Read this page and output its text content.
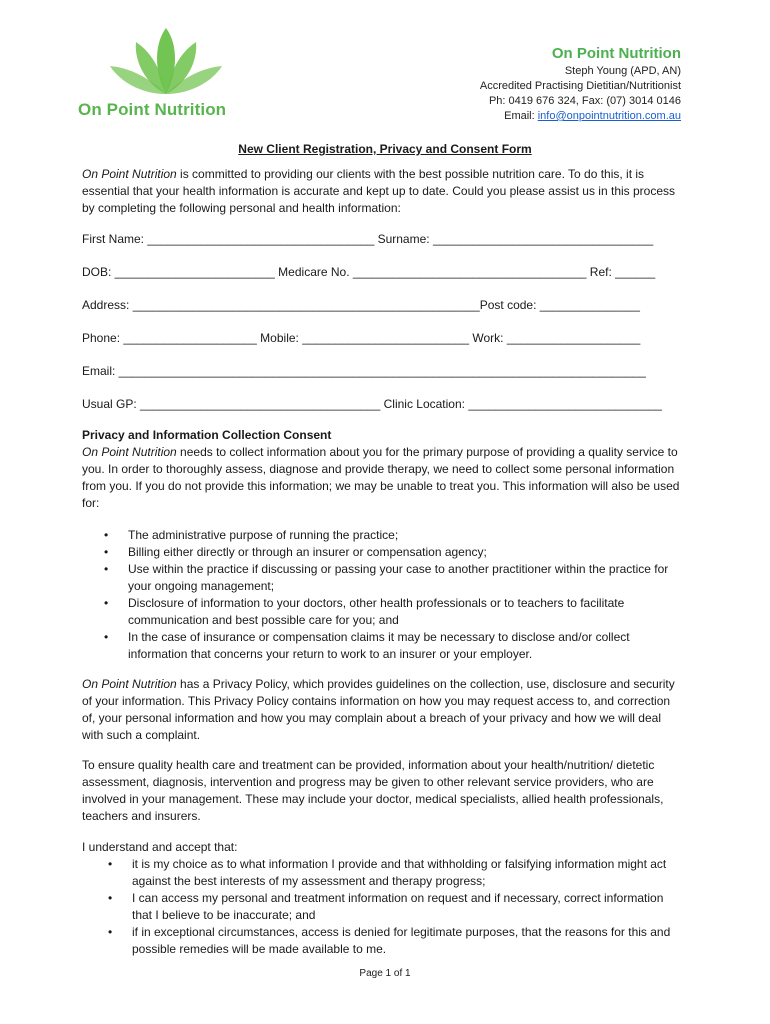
On Point Nutrition
On Point Nutrition
Steph Young (APD, AN)
Accredited Practising Dietitian/Nutritionist
Ph: 0419 676 324, Fax: (07) 3014 0146
Email: info@onpointnutrition.com.au
New Client Registration, Privacy and Consent Form

On Point Nutrition is committed to providing our clients with the best possible nutrition care. To do this, it is essential that your health information is accurate and kept up to date. Could you please assist us in this process by completing the following personal and health information:

First Name: __________________________________ Surname: _________________________________
DOB: ________________________ Medicare No. ___________________________________ Ref: ______
Address: ____________________________________________________Post code: _______________
Phone: ____________________ Mobile: _________________________ Work: ____________________
Email: _______________________________________________________________________________
Usual GP: ____________________________________ Clinic Location: _____________________________

Privacy and Information Collection Consent

On Point Nutrition needs to collect information about you for the primary purpose of providing a quality service to you. In order to thoroughly assess, diagnose and provide therapy, we need to collect some personal information from you. If you do not provide this information; we may be unable to treat you. This information will also be used for:

• The administrative purpose of running the practice;
• Billing either directly or through an insurer or compensation agency;
• Use within the practice if discussing or passing your case to another practitioner within the practice for your ongoing management;
• Disclosure of information to your doctors, other health professionals or to teachers to facilitate communication and best possible care for you; and
• In the case of insurance or compensation claims it may be necessary to disclose and/or collect information that concerns your return to work to an insurer or your employer.

On Point Nutrition has a Privacy Policy, which provides guidelines on the collection, use, disclosure and security of your information. This Privacy Policy contains information on how you may request access to, and correction of, your personal information and how you may complain about a breach of your privacy and how we will deal with such a complaint.

To ensure quality health care and treatment can be provided, information about your health/nutrition/ dietetic assessment, diagnosis, intervention and progress may be given to other relevant service providers, who are involved in your management. These may include your doctor, medical specialists, allied health professionals, teachers and insurers.

I understand and accept that:

• it is my choice as to what information I provide and that withholding or falsifying information might act against the best interests of my assessment and therapy progress;
• I can access my personal and treatment information on request and if necessary, correct information that I believe to be inaccurate; and
• if in exceptional circumstances, access is denied for legitimate purposes, that the reasons for this and possible remedies will be made available to me.
Page 1 of 1
